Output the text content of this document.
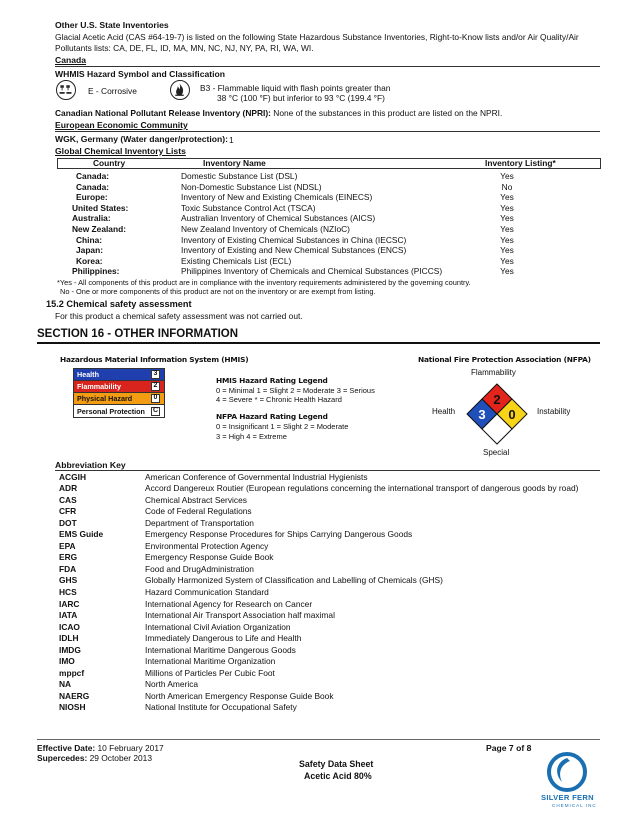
Other U.S. State Inventories
Glacial Acetic Acid (CAS #64-19-7) is listed on the following State Hazardous Substance Inventories, Right-to-Know lists and/or Air Quality/Air
Pollutants lists: CA, DE, FL, ID, MA, MN, NC, NJ, NY, PA, RI, WA, WI.
Canada
WHMIS Hazard Symbol and Classification
E - Corrosive	B3 - Flammable liquid with flash points greater than
38 °C (100 °F) but inferior to 93 °C (199.4 °F)
Canadian National Pollutant Release Inventory (NPRI): None of the substances in this product are listed on the NPRI.
European Economic Community
WGK, Germany (Water danger/protection): 1
Global Chemical Inventory Lists
Country	Inventory Name	Inventory Listing*
Canada:	Domestic Substance List (DSL)	Yes
Canada:	Non-Domestic Substance List (NDSL)	No
Europe:	Inventory of New and Existing Chemicals (EINECS)	Yes
United States:	Toxic Substance Control Act (TSCA)	Yes
Australia:	Australian Inventory of Chemical Substances (AICS)	Yes
New Zealand:	New Zealand Inventory of Chemicals (NZIoC)	Yes
China:	Inventory of Existing Chemical Substances in China (IECSC)	Yes
Japan:	Inventory of Existing and New Chemical Substances (ENCS)	Yes
Korea:	Existing Chemicals List (ECL)	Yes
Philippines:	Philippines Inventory of Chemicals and Chemical Substances (PICCS)	Yes
*Yes - All components of this product are in compliance with the inventory requirements administered by the governing country.
No - One or more components of this product are not on the inventory or are exempt from listing.
15.2 Chemical safety assessment
For this product a chemical safety assessment was not carried out.
SECTION 16 - OTHER INFORMATION
Hazardous Material Information System (HMIS)
Health	3
Flammability	2
Physical Hazard	0
Personal Protection C
HMIS Hazard Rating Legend
0 = Minimal 1 = Slight 2 = Moderate 3 = Serious
4 = Severe * = Chronic Health Hazard
NFPA Hazard Rating Legend
0 = Insignificant 1 = Slight 2 = Moderate
3 = High 4 = Extreme
National Fire Protection Association (NFPA)
Flammability
Health	Instability
Special
2
3 0
Abbreviation Key
ACGIH	American Conference of Governmental Industrial Hygienists
ADR	Accord Dangereux Routier (European regulations concerning the international transport of dangerous goods by road)
CAS	Chemical Abstract Services
CFR	Code of Federal Regulations
DOT	Department of Transportation
EMS Guide	Emergency Response Procedures for Ships Carrying Dangerous Goods
EPA	Environmental Protection Agency
ERG	Emergency Response Guide Book
FDA	Food and DrugAdministration
GHS	Globally Harmonized System of Classification and Labelling of Chemicals (GHS)
HCS	Hazard Communication Standard
IARC	International Agency for Research on Cancer
IATA	International Air Transport Association half maximal
ICAO	International Civil Aviation Organization
IDLH	Immediately Dangerous to Life and Health
IMDG	International Maritime Dangerous Goods
IMO	International Maritime Organization
mppcf	Millions of Particles Per Cubic Foot
NA	North America
NAERG	North American Emergency Response Guide Book
NIOSH	National Institute for Occupational Safety
Effective Date: 10 February 2017
Supercedes: 29 October 2013
Safety Data Sheet
Acetic Acid 80%
Page 7 of 8
SILVER FERN
CHEMICAL INC
